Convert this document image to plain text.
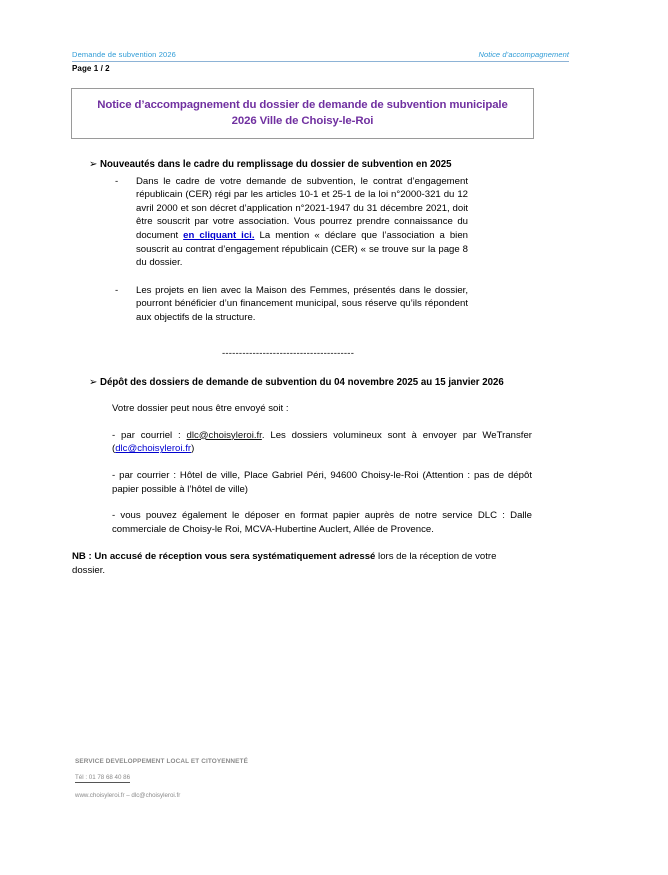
Demande de subvention 2026	Notice d’accompagnement
Page 1 / 2
Notice d’accompagnement du dossier de demande de subvention municipale
2026 Ville de Choisy-le-Roi
➢ Nouveautés dans le cadre du remplissage du dossier de subvention en 2025
- Dans le cadre de votre demande de subvention, le contrat d’engagement républicain (CER) régi par les articles 10-1 et 25-1 de la loi n°2000-321 du 12 avril 2000 et son décret d’application n°2021-1947 du 31 décembre 2021, doit être souscrit par votre association. Vous pourrez prendre connaissance du document en cliquant ici. La mention « déclare que l’association a bien souscrit au contrat d’engagement républicain (CER) « se trouve sur la page 8 du dossier.
- Les projets en lien avec la Maison des Femmes, présentés dans le dossier, pourront bénéficier d’un financement municipal, sous réserve qu’ils répondent aux objectifs de la structure.
---------------------------------------
➢ Dépôt des dossiers de demande de subvention du 04 novembre 2025 au 15 janvier 2026
Votre dossier peut nous être envoyé soit :
- par courriel : dlc@choisyleroi.fr. Les dossiers volumineux sont à envoyer par WeTransfer (dlc@choisyleroi.fr)
- par courrier : Hôtel de ville, Place Gabriel Péri, 94600 Choisy-le-Roi (Attention : pas de dépôt papier possible à l’hôtel de ville)
- vous pouvez également le déposer en format papier auprès de notre service DLC : Dalle commerciale de Choisy-le Roi, MCVA-Hubertine Auclert, Allée de Provence.
NB : Un accusé de réception vous sera systématiquement adressé lors de la réception de votre dossier.
SERVICE DEVELOPPEMENT LOCAL ET CITOYENNETÉ
Tél : 01 78 68 40 86
www.choisyleroi.fr – dlc@choisyleroi.fr
